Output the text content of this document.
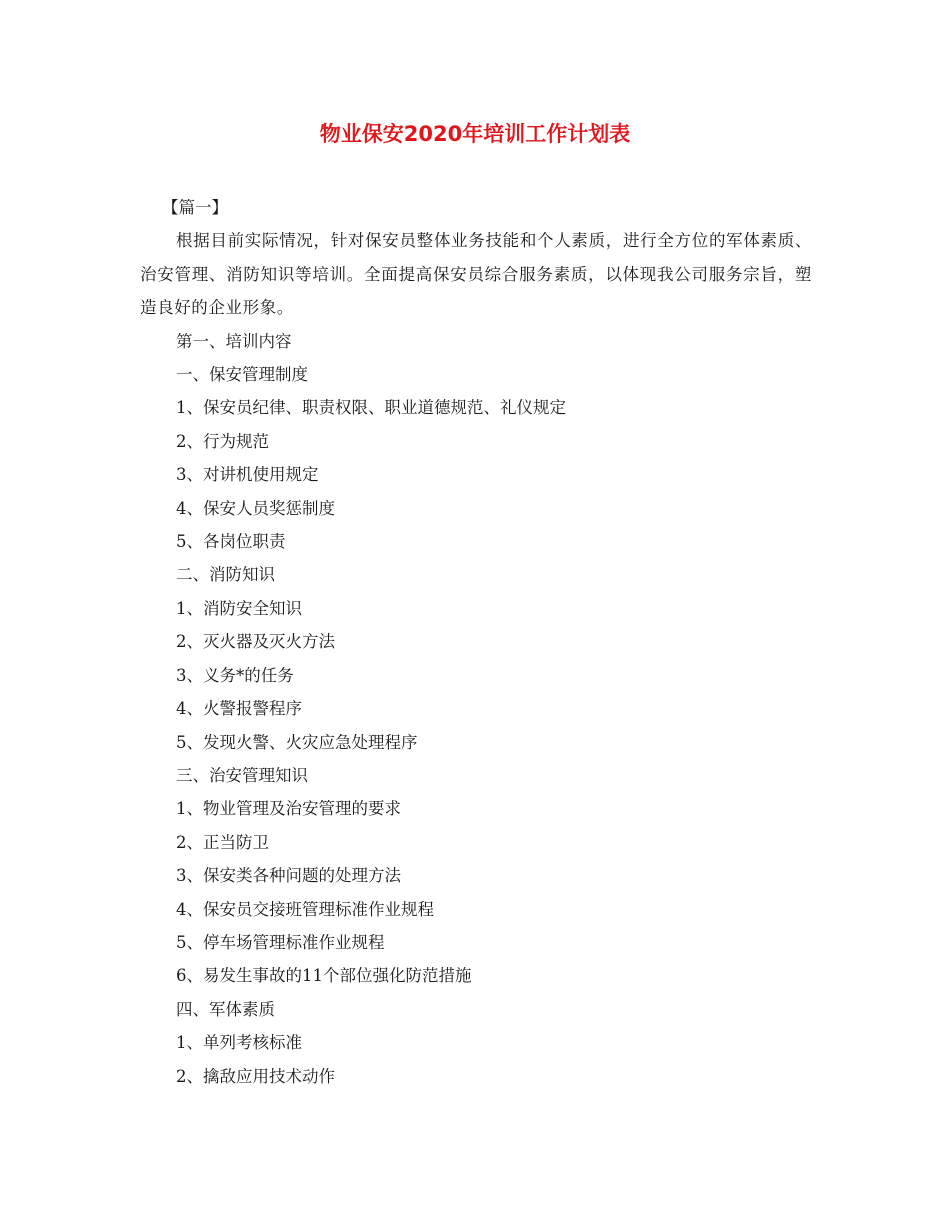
物业保安2020年培训工作计划表

【篇一】

根据目前实际情况，针对保安员整体业务技能和个人素质，进行全方位的军体素质、治安管理、消防知识等培训。全面提高保安员综合服务素质，以体现我公司服务宗旨，塑造良好的企业形象。

第一、培训内容

一、保安管理制度

1、保安员纪律、职责权限、职业道德规范、礼仪规定

2、行为规范

3、对讲机使用规定

4、保安人员奖惩制度

5、各岗位职责

二、消防知识

1、消防安全知识

2、灭火器及灭火方法

3、义务*的任务

4、火警报警程序

5、发现火警、火灾应急处理程序

三、治安管理知识

1、物业管理及治安管理的要求

2、正当防卫

3、保安类各种问题的处理方法

4、保安员交接班管理标准作业规程

5、停车场管理标准作业规程

6、易发生事故的11个部位强化防范措施

四、军体素质

1、单列考核标准

2、擒敌应用技术动作
